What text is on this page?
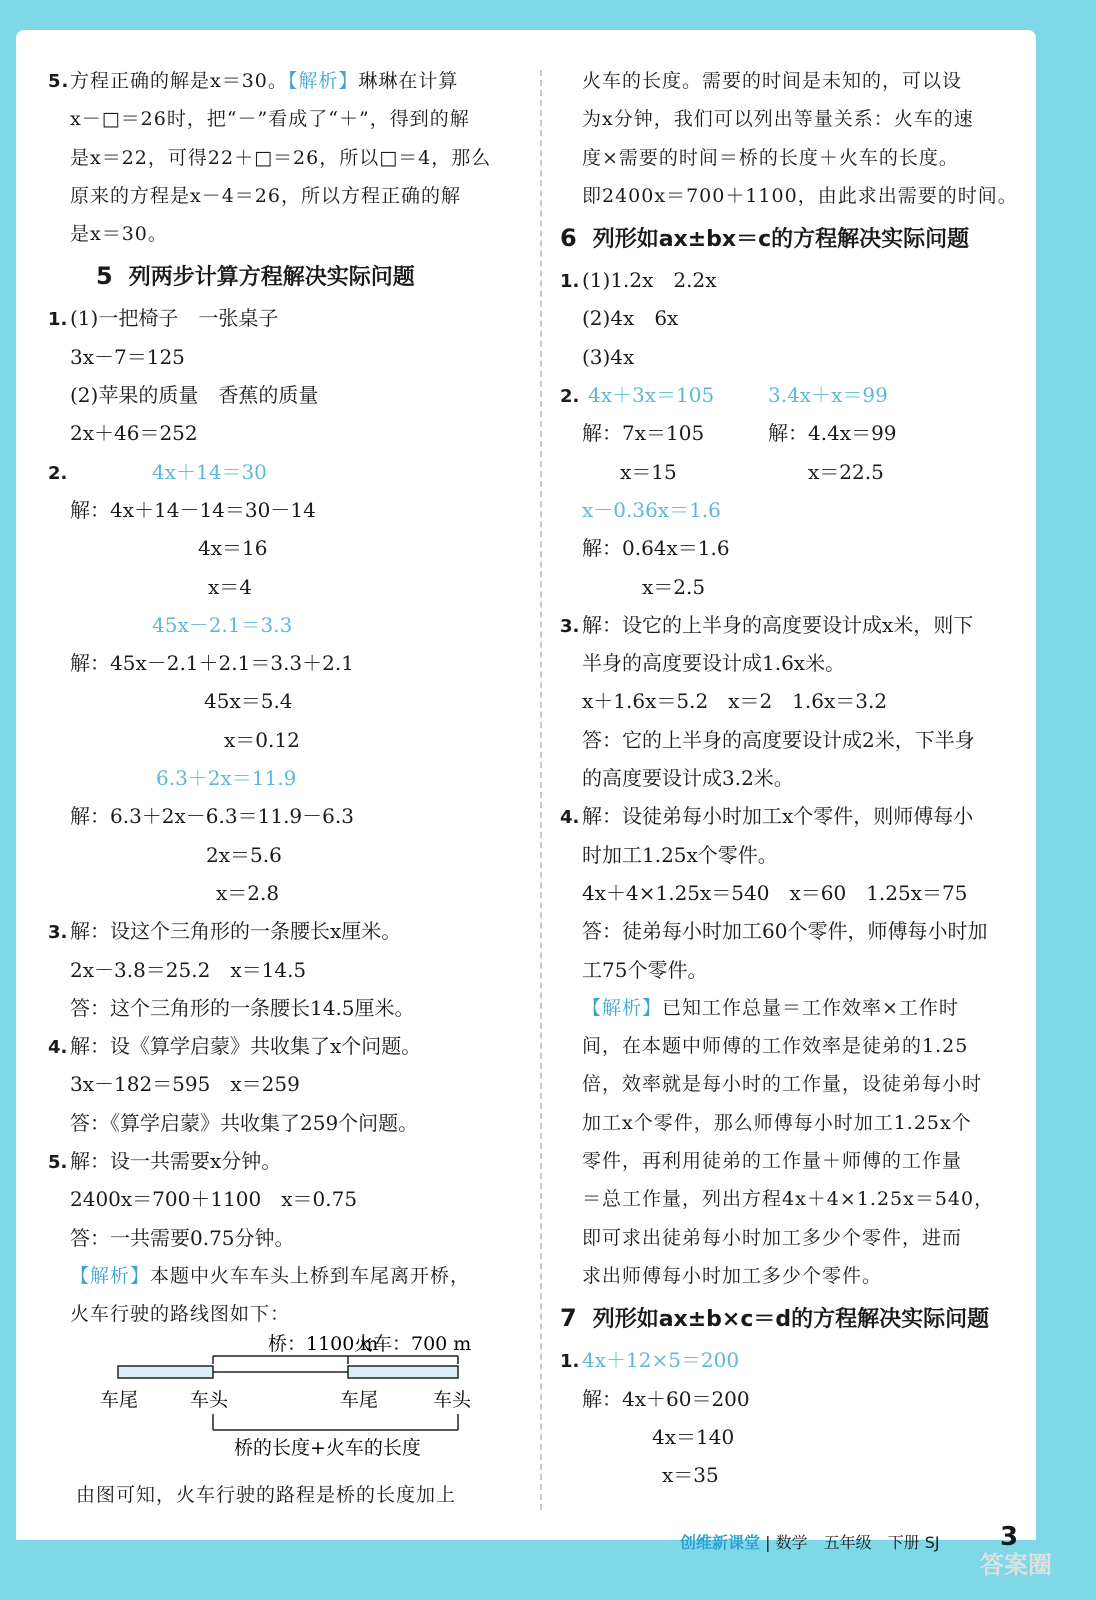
5.方程正确的解是x＝30。【解析】琳琳在计算
x－□＝26时，把“－”看成了“＋”，得到的解
是x＝22，可得22＋□＝26，所以□＝4，那么
原来的方程是x－4＝26，所以方程正确的解
是x＝30。
5 列两步计算方程解决实际问题
1. (1)一把椅子　一张桌子
3x－7＝125
(2)苹果的质量　香蕉的质量
2x＋46＝252
2.	4x＋14＝30
解：4x＋14－14＝30－14
4x＝16
x＝4
45x－2.1＝3.3
解：45x－2.1＋2.1＝3.3＋2.1
45x＝5.4
x＝0.12
6.3＋2x＝11.9
解：6.3＋2x－6.3＝11.9－6.3
2x＝5.6
x＝2.8
3. 解：设这个三角形的一条腰长x厘米。
2x－3.8＝25.2　x＝14.5
答：这个三角形的一条腰长14.5厘米。
4. 解：设《算学启蒙》共收集了x个问题。
3x－182＝595　x＝259
答：《算学启蒙》共收集了259个问题。
5. 解：设一共需要x分钟。
2400x＝700＋1100　x＝0.75
答：一共需要0.75分钟。
【解析】本题中火车车头上桥到车尾离开桥，
火车行驶的路线图如下：
桥：1100 m
火车：700 m
车尾	车头	车尾	车头
桥的长度+火车的长度
由图可知，火车行驶的路程是桥的长度加上
火车的长度。需要的时间是未知的，可以设
为x分钟，我们可以列出等量关系：火车的速
度×需要的时间＝桥的长度＋火车的长度。
即2400x＝700＋1100，由此求出需要的时间。
6 列形如ax±bx＝c的方程解决实际问题
1. (1)1.2x　2.2x
(2)4x　6x
(3)4x
2. 4x＋3x＝105	3.4x＋x＝99
解：7x＝105	解：4.4x＝99
x＝15	x＝22.5
x－0.36x＝1.6
解：0.64x＝1.6
x＝2.5
3. 解：设它的上半身的高度要设计成x米，则下
半身的高度要设计成1.6x米。
x＋1.6x＝5.2　x＝2　1.6x＝3.2
答：它的上半身的高度要设计成2米，下半身
的高度要设计成3.2米。
4. 解：设徒弟每小时加工x个零件，则师傅每小
时加工1.25x个零件。
4x＋4×1.25x＝540　x＝60　1.25x＝75
答：徒弟每小时加工60个零件，师傅每小时加
工75个零件。
【解析】已知工作总量＝工作效率×工作时
间，在本题中师傅的工作效率是徒弟的1.25
倍，效率就是每小时的工作量，设徒弟每小时
加工x个零件，那么师傅每小时加工1.25x个
零件，再利用徒弟的工作量＋师傅的工作量
＝总工作量，列出方程4x＋4×1.25x＝540，
即可求出徒弟每小时加工多少个零件，进而
求出师傅每小时加工多少个零件。
7 列形如ax±b×c＝d的方程解决实际问题
1. 4x＋12×5＝200
解：4x＋60＝200
4x＝140
x＝35
创维新课堂 | 数学　 五年级　 下册 SJ 3
答案圈
